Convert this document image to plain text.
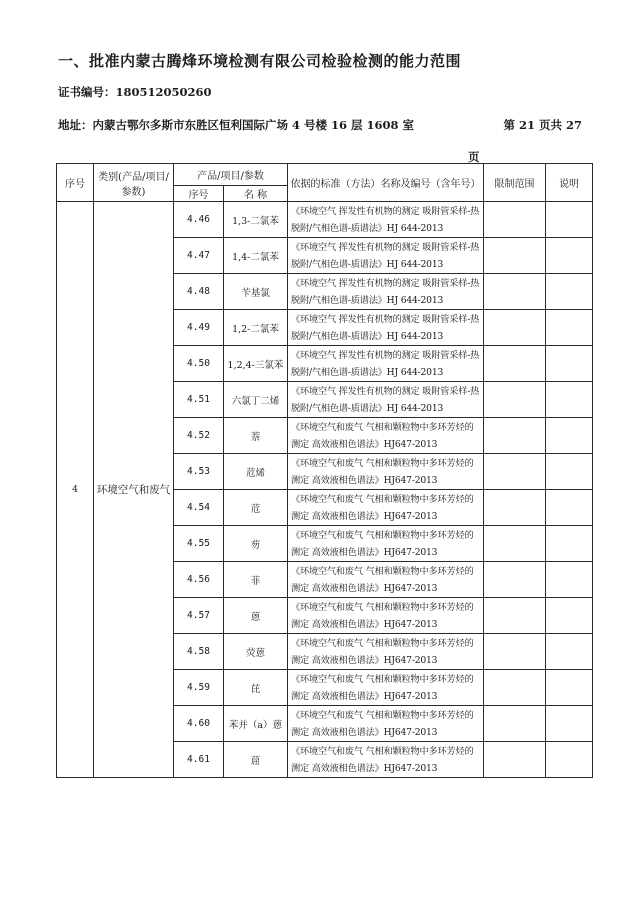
一、批准内蒙古腾烽环境检测有限公司检验检测的能力范围
证书编号：180512050260
地址：内蒙古鄂尔多斯市东胜区恒利国际广场 4 号楼 16 层 1608 室	第 21 页共 27
页
序号	类别(产品/项目/参数)	产品/项目/参数		依据的标准（方法）名称及编号（含年号）	限制范围	说明
		序号	名 称			
4	环境空气和废气	4.46	1,3-二氯苯	《环境空气 挥发性有机物的测定 吸附管采样-热脱附/气相色谱-质谱法》HJ 644-2013		
		4.47	1,4-二氯苯	《环境空气 挥发性有机物的测定 吸附管采样-热脱附/气相色谱-质谱法》HJ 644-2013		
		4.48	苄基氯	《环境空气 挥发性有机物的测定 吸附管采样-热脱附/气相色谱-质谱法》HJ 644-2013		
		4.49	1,2-二氯苯	《环境空气 挥发性有机物的测定 吸附管采样-热脱附/气相色谱-质谱法》HJ 644-2013		
		4.50	1,2,4-三氯苯	《环境空气 挥发性有机物的测定 吸附管采样-热脱附/气相色谱-质谱法》HJ 644-2013		
		4.51	六氯丁二烯	《环境空气 挥发性有机物的测定 吸附管采样-热脱附/气相色谱-质谱法》HJ 644-2013		
		4.52	萘	《环境空气和废气 气相和颗粒物中多环芳烃的测定 高效液相色谱法》HJ647-2013		
		4.53	苊烯	《环境空气和废气 气相和颗粒物中多环芳烃的测定 高效液相色谱法》HJ647-2013		
		4.54	苊	《环境空气和废气 气相和颗粒物中多环芳烃的测定 高效液相色谱法》HJ647-2013		
		4.55	芴	《环境空气和废气 气相和颗粒物中多环芳烃的测定 高效液相色谱法》HJ647-2013		
		4.56	菲	《环境空气和废气 气相和颗粒物中多环芳烃的测定 高效液相色谱法》HJ647-2013		
		4.57	蒽	《环境空气和废气 气相和颗粒物中多环芳烃的测定 高效液相色谱法》HJ647-2013		
		4.58	荧蒽	《环境空气和废气 气相和颗粒物中多环芳烃的测定 高效液相色谱法》HJ647-2013		
		4.59	芘	《环境空气和废气 气相和颗粒物中多环芳烃的测定 高效液相色谱法》HJ647-2013		
		4.60	苯并（a）蒽	《环境空气和废气 气相和颗粒物中多环芳烃的测定 高效液相色谱法》HJ647-2013		
		4.61	䓛	《环境空气和废气 气相和颗粒物中多环芳烃的测定 高效液相色谱法》HJ647-2013		
